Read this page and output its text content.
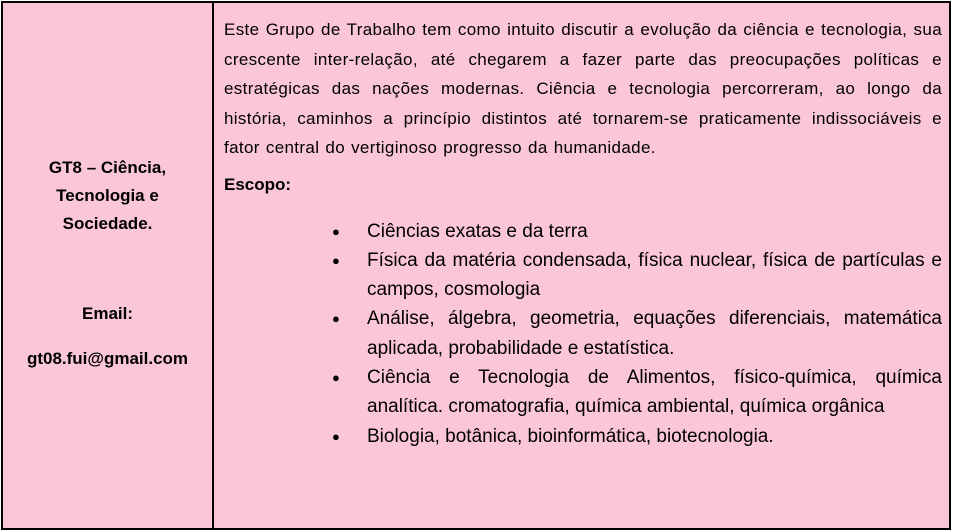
GT8 – Ciência, Tecnologia e Sociedade.
Email:
gt08.fui@gmail.com

Este Grupo de Trabalho tem como intuito discutir a evolução da ciência e tecnologia, sua crescente inter-relação, até chegarem a fazer parte das preocupações políticas e estratégicas das nações modernas. Ciência e tecnologia percorreram, ao longo da história, caminhos a princípio distintos até tornarem-se praticamente indissociáveis e fator central do vertiginoso progresso da humanidade.

Escopo:

● Ciências exatas e da terra
● Física da matéria condensada, física nuclear, física de partículas e campos, cosmologia
● Análise, álgebra, geometria, equações diferenciais, matemática aplicada, probabilidade e estatística.
● Ciência e Tecnologia de Alimentos, físico-química, química analítica. cromatografia, química ambiental, química orgânica
● Biologia, botânica, bioinformática, biotecnologia.
